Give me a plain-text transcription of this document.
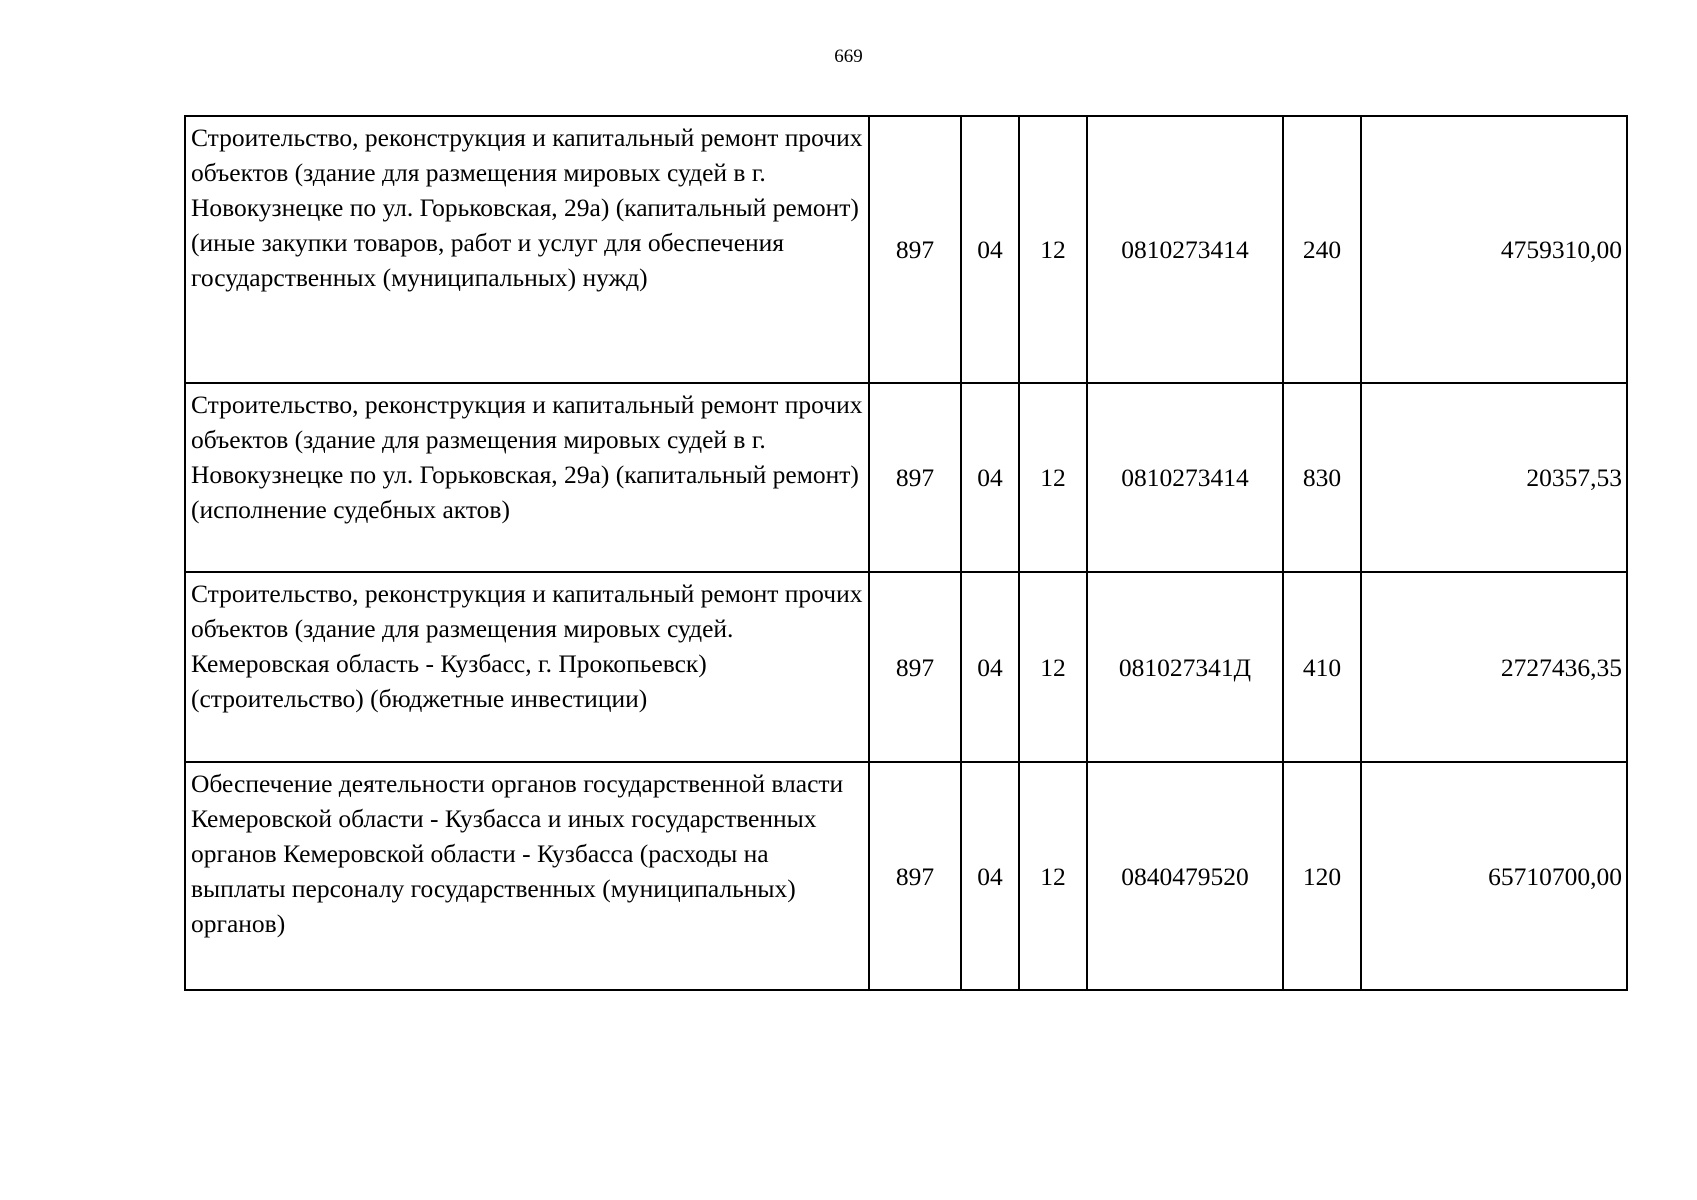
669
Строительство, реконструкция и капитальный ремонт прочих объектов (здание для размещения мировых судей в г. Новокузнецке по ул. Горьковская, 29а) (капитальный ремонт) (иные закупки товаров, работ и услуг для обеспечения государственных (муниципальных) нужд)	897	04	12	0810273414	240	4759310,00
Строительство, реконструкция и капитальный ремонт прочих объектов (здание для размещения мировых судей в г. Новокузнецке по ул. Горьковская, 29а) (капитальный ремонт) (исполнение судебных актов)	897	04	12	0810273414	830	20357,53
Строительство, реконструкция и капитальный ремонт прочих объектов (здание для размещения мировых судей. Кемеровская область - Кузбасс, г. Прокопьевск) (строительство) (бюджетные инвестиции)	897	04	12	081027341Д	410	2727436,35
Обеспечение деятельности органов государственной власти Кемеровской области - Кузбасса и иных государственных органов Кемеровской области - Кузбасса (расходы на выплаты персоналу государственных (муниципальных) органов)	897	04	12	0840479520	120	65710700,00
